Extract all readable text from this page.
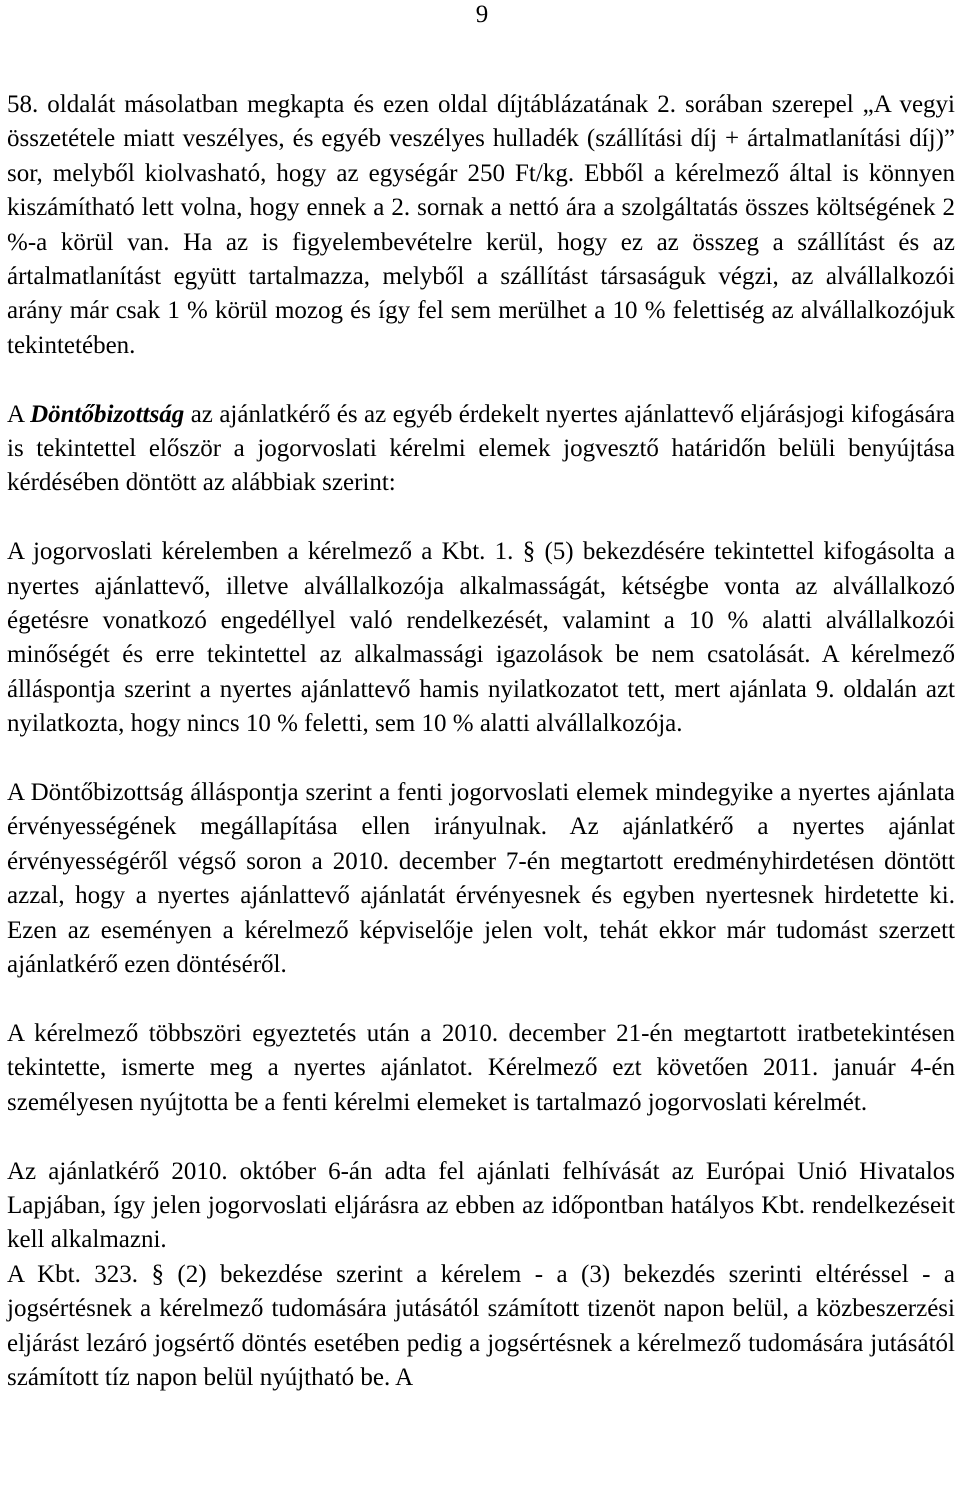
9

58. oldalát másolatban megkapta és ezen oldal díjtáblázatának 2. sorában szerepel „A vegyi összetétele miatt veszélyes, és egyéb veszélyes hulladék (szállítási díj + ártalmatlanítási díj)” sor, melyből kiolvasható, hogy az egységár 250 Ft/kg. Ebből a kérelmező által is könnyen kiszámítható lett volna, hogy ennek a 2. sornak a nettó ára a szolgáltatás összes költségének 2 %-a körül van. Ha az is figyelembevételre kerül, hogy ez az összeg a szállítást és az ártalmatlanítást együtt tartalmazza, melyből a szállítást társaságuk végzi, az alvállalkozói arány már csak 1 % körül mozog és így fel sem merülhet a 10 % felettiség az alvállalkozójuk tekintetében.

A Döntőbizottság az ajánlatkérő és az egyéb érdekelt nyertes ajánlattevő eljárásjogi kifogására is tekintettel először a jogorvoslati kérelmi elemek jogvesztő határidőn belüli benyújtása kérdésében döntött az alábbiak szerint:

A jogorvoslati kérelemben a kérelmező a Kbt. 1. § (5) bekezdésére tekintettel kifogásolta a nyertes ajánlattevő, illetve alvállalkozója alkalmasságát, kétségbe vonta az alvállalkozó égetésre vonatkozó engedéllyel való rendelkezését, valamint a 10 % alatti alvállalkozói minőségét és erre tekintettel az alkalmassági igazolások be nem csatolását. A kérelmező álláspontja szerint a nyertes ajánlattevő hamis nyilatkozatot tett, mert ajánlata 9. oldalán azt nyilatkozta, hogy nincs 10 % feletti, sem 10 % alatti alvállalkozója.

A Döntőbizottság álláspontja szerint a fenti jogorvoslati elemek mindegyike a nyertes ajánlata érvényességének megállapítása ellen irányulnak. Az ajánlatkérő a nyertes ajánlat érvényességéről végső soron a 2010. december 7-én megtartott eredményhirdetésen döntött azzal, hogy a nyertes ajánlattevő ajánlatát érvényesnek és egyben nyertesnek hirdetette ki. Ezen az eseményen a kérelmező képviselője jelen volt, tehát ekkor már tudomást szerzett ajánlatkérő ezen döntéséről.

A kérelmező többszöri egyeztetés után a 2010. december 21-én megtartott iratbetekintésen tekintette, ismerte meg a nyertes ajánlatot. Kérelmező ezt követően 2011. január 4-én személyesen nyújtotta be a fenti kérelmi elemeket is tartalmazó jogorvoslati kérelmét.

Az ajánlatkérő 2010. október 6-án adta fel ajánlati felhívását az Európai Unió Hivatalos Lapjában, így jelen jogorvoslati eljárásra az ebben az időpontban hatályos Kbt. rendelkezéseit kell alkalmazni.

A Kbt. 323. § (2) bekezdése szerint a kérelem - a (3) bekezdés szerinti eltéréssel - a jogsértésnek a kérelmező tudomására jutásától számított tizenöt napon belül, a közbeszerzési eljárást lezáró jogsértő döntés esetében pedig a jogsértésnek a kérelmező tudomására jutásától számított tíz napon belül nyújtható be. A
